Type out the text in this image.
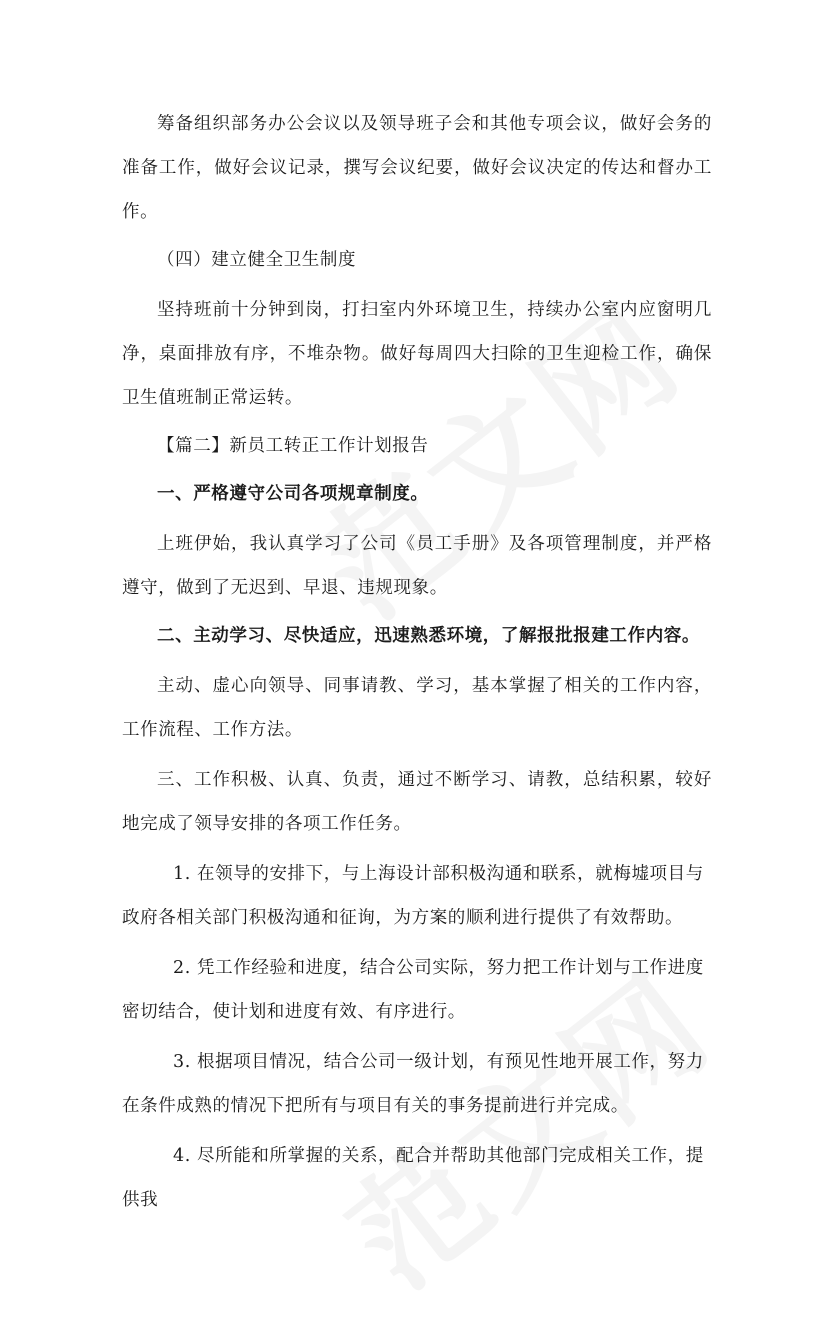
筹备组织部务办公会议以及领导班子会和其他专项会议，做好会务的准备工作，做好会议记录，撰写会议纪要，做好会议决定的传达和督办工作。

（四）建立健全卫生制度

坚持班前十分钟到岗，打扫室内外环境卫生，持续办公室内应窗明几净，桌面排放有序，不堆杂物。做好每周四大扫除的卫生迎检工作，确保卫生值班制正常运转。

【篇二】新员工转正工作计划报告

一、严格遵守公司各项规章制度。

上班伊始，我认真学习了公司《员工手册》及各项管理制度，并严格遵守，做到了无迟到、早退、违规现象。

二、主动学习、尽快适应，迅速熟悉环境，了解报批报建工作内容。

主动、虚心向领导、同事请教、学习，基本掌握了相关的工作内容，工作流程、工作方法。

三、工作积极、认真、负责，通过不断学习、请教，总结积累，较好地完成了领导安排的各项工作任务。

1. 在领导的安排下，与上海设计部积极沟通和联系，就梅墟项目与政府各相关部门积极沟通和征询，为方案的顺利进行提供了有效帮助。

2. 凭工作经验和进度，结合公司实际，努力把工作计划与工作进度密切结合，使计划和进度有效、有序进行。

3. 根据项目情况，结合公司一级计划，有预见性地开展工作，努力在条件成熟的情况下把所有与项目有关的事务提前进行并完成。

4. 尽所能和所掌握的关系，配合并帮助其他部门完成相关工作，提供我
